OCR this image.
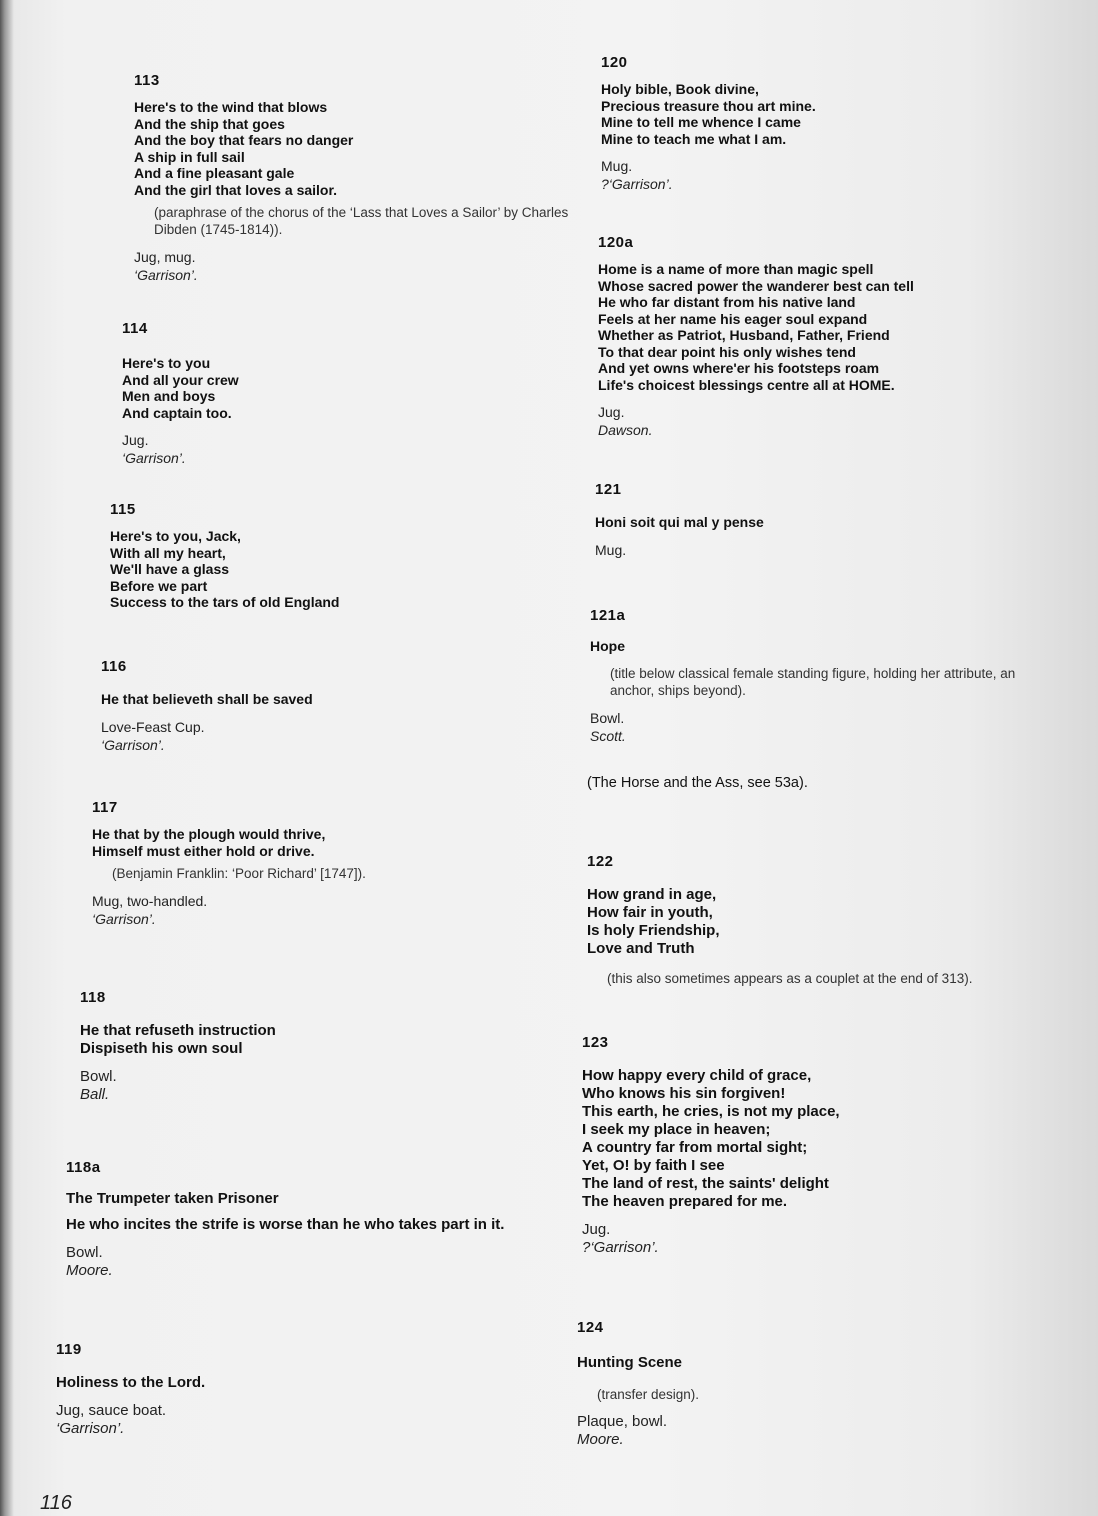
113
Here's to the wind that blows
And the ship that goes
And the boy that fears no danger
A ship in full sail
And a fine pleasant gale
And the girl that loves a sailor.
(paraphrase of the chorus of the ‘Lass that Loves a Sailor’ by Charles Dibden (1745-1814)).
Jug, mug.
‘Garrison’.
114
Here's to you
And all your crew
Men and boys
And captain too.
Jug.
‘Garrison’.
115
Here's to you, Jack,
With all my heart,
We'll have a glass
Before we part
Success to the tars of old England
116
He that believeth shall be saved
Love-Feast Cup.
‘Garrison’.
117
He that by the plough would thrive,
Himself must either hold or drive.
(Benjamin Franklin: ‘Poor Richard’ [1747]).
Mug, two-handled.
‘Garrison’.
118
He that refuseth instruction
Dispiseth his own soul
Bowl.
Ball.
118a
The Trumpeter taken Prisoner
He who incites the strife is worse than he who takes part in it.
Bowl.
Moore.
119
Holiness to the Lord.
Jug, sauce boat.
‘Garrison’.
120
Holy bible, Book divine,
Precious treasure thou art mine.
Mine to tell me whence I came
Mine to teach me what I am.
Mug.
?‘Garrison’.
120a
Home is a name of more than magic spell
Whose sacred power the wanderer best can tell
He who far distant from his native land
Feels at her name his eager soul expand
Whether as Patriot, Husband, Father, Friend
To that dear point his only wishes tend
And yet owns where'er his footsteps roam
Life's choicest blessings centre all at HOME.
Jug.
Dawson.
121
Honi soit qui mal y pense
Mug.
121a
Hope
(title below classical female standing figure, holding her attribute, an anchor, ships beyond).
Bowl.
Scott.
(The Horse and the Ass, see 53a).
122
How grand in age,
How fair in youth,
Is holy Friendship,
Love and Truth
(this also sometimes appears as a couplet at the end of 313).
123
How happy every child of grace,
Who knows his sin forgiven!
This earth, he cries, is not my place,
I seek my place in heaven;
A country far from mortal sight;
Yet, O! by faith I see
The land of rest, the saints' delight
The heaven prepared for me.
Jug.
?‘Garrison’.
124
Hunting Scene
(transfer design).
Plaque, bowl.
Moore.
116
